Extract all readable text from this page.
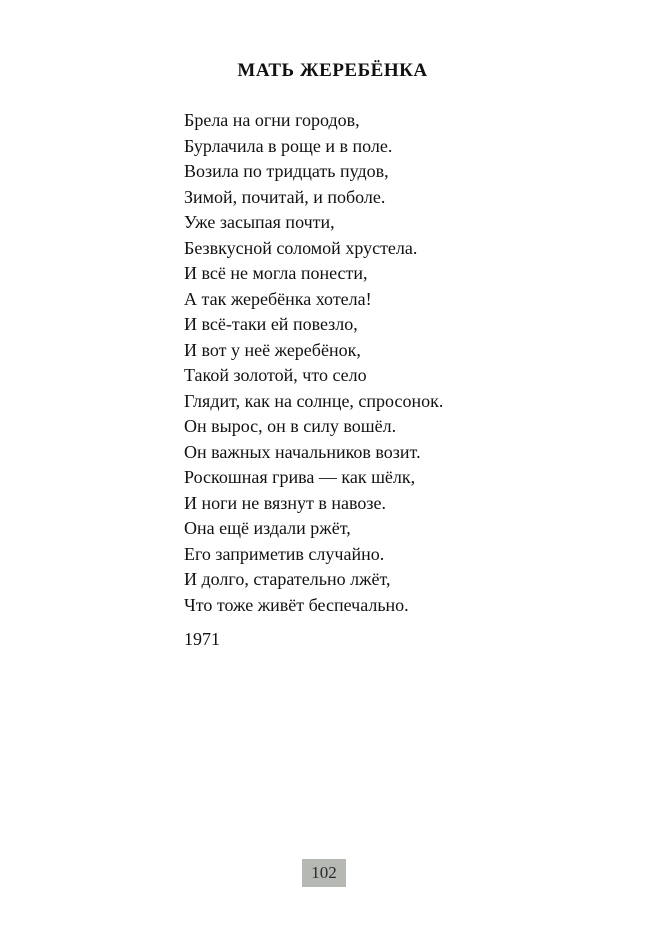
МАТЬ ЖЕРЕБЁНКА
Брела на огни городов,
Бурлачила в роще и в поле.
Возила по тридцать пудов,
Зимой, почитай, и поболе.
Уже засыпая почти,
Безвкусной соломой хрустела.
И всё не могла понести,
А так жеребёнка хотела!
И всё-таки ей повезло,
И вот у неё жеребёнок,
Такой золотой, что село
Глядит, как на солнце, спросонок.
Он вырос, он в силу вошёл.
Он важных начальников возит.
Роскошная грива — как шёлк,
И ноги не вязнут в навозе.
Она ещё издали ржёт,
Его заприметив случайно.
И долго, старательно лжёт,
Что тоже живёт беспечально.
1971
102
